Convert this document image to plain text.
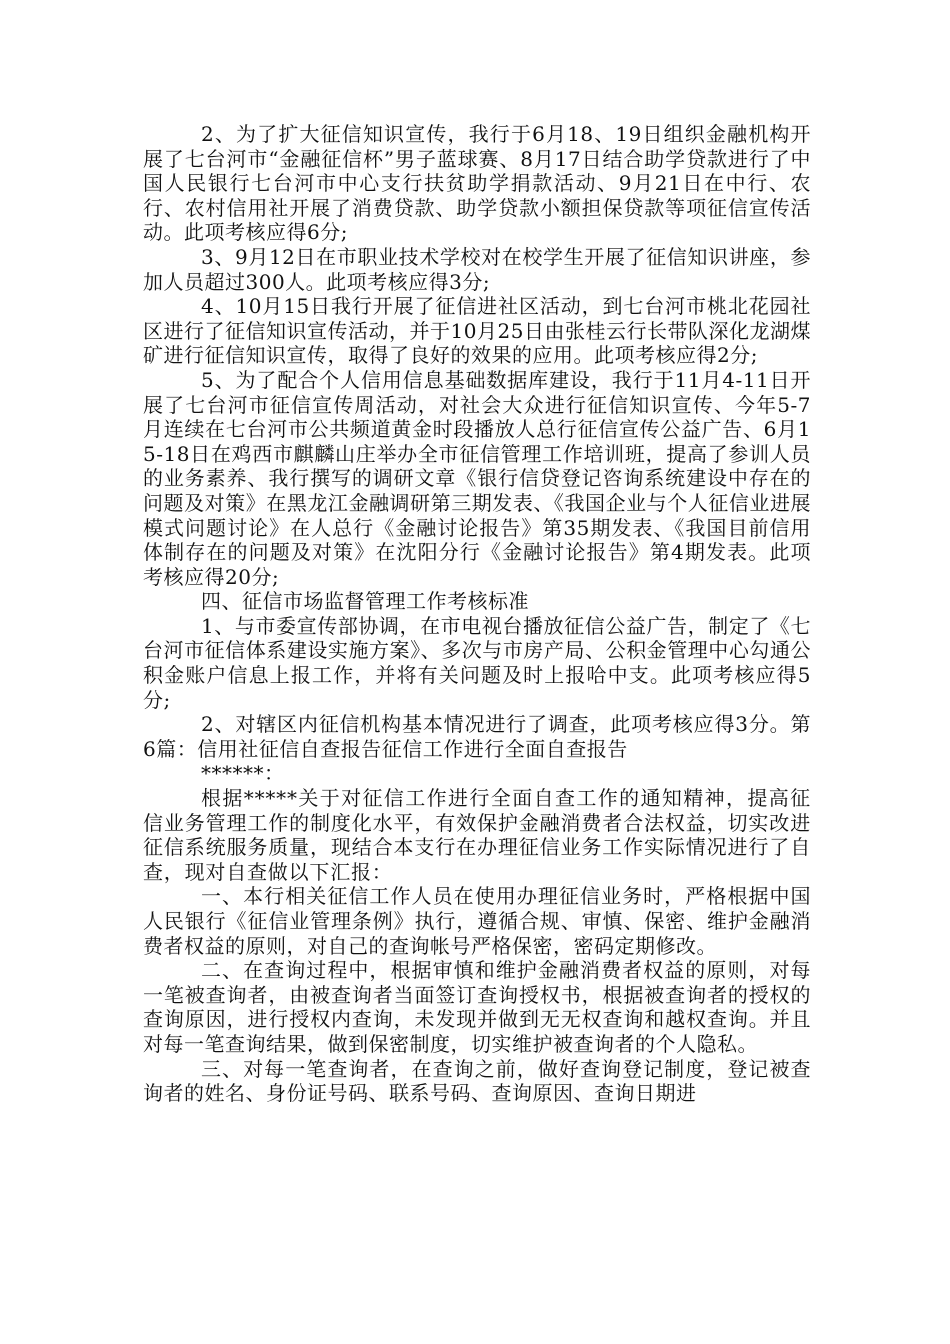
2、为了扩大征信知识宣传，我行于6月18、19日组织金融机构开展了七台河市“金融征信杯”男子蓝球赛、8月17日结合助学贷款进行了中国人民银行七台河市中心支行扶贫助学捐款活动、9月21日在中行、农行、农村信用社开展了消费贷款、助学贷款小额担保贷款等项征信宣传活动。此项考核应得6分;

3、9月12日在市职业技术学校对在校学生开展了征信知识讲座，参加人员超过300人。此项考核应得3分;

4、10月15日我行开展了征信进社区活动，到七台河市桃北花园社区进行了征信知识宣传活动，并于10月25日由张桂云行长带队深化龙湖煤矿进行征信知识宣传，取得了良好的效果的应用。此项考核应得2分;

5、为了配合个人信用信息基础数据库建设，我行于11月4-11日开展了七台河市征信宣传周活动，对社会大众进行征信知识宣传、今年5-7月连续在七台河市公共频道黄金时段播放人总行征信宣传公益广告、6月15-18日在鸡西市麒麟山庄举办全市征信管理工作培训班，提高了参训人员的业务素养、我行撰写的调研文章《银行信贷登记咨询系统建设中存在的问题及对策》在黑龙江金融调研第三期发表、《我国企业与个人征信业进展模式问题讨论》在人总行《金融讨论报告》第35期发表、《我国目前信用体制存在的问题及对策》在沈阳分行《金融讨论报告》第4期发表。此项考核应得20分;

四、征信市场监督管理工作考核标准

1、与市委宣传部协调，在市电视台播放征信公益广告，制定了《七台河市征信体系建设实施方案》、多次与市房产局、公积金管理中心勾通公积金账户信息上报工作，并将有关问题及时上报哈中支。此项考核应得5分;

2、对辖区内征信机构基本情况进行了调查，此项考核应得3分。第6篇：信用社征信自查报告征信工作进行全面自查报告

******：

根据*****关于对征信工作进行全面自查工作的通知精神，提高征信业务管理工作的制度化水平，有效保护金融消费者合法权益，切实改进征信系统服务质量，现结合本支行在办理征信业务工作实际情况进行了自查，现对自查做以下汇报：

一、本行相关征信工作人员在使用办理征信业务时，严格根据中国人民银行《征信业管理条例》执行，遵循合规、审慎、保密、维护金融消费者权益的原则，对自己的查询帐号严格保密，密码定期修改。

二、在查询过程中，根据审慎和维护金融消费者权益的原则，对每一笔被查询者，由被查询者当面签订查询授权书，根据被查询者的授权的查询原因，进行授权内查询，未发现并做到无无权查询和越权查询。并且对每一笔查询结果，做到保密制度，切实维护被查询者的个人隐私。

三、对每一笔查询者，在查询之前，做好查询登记制度，登记被查询者的姓名、身份证号码、联系号码、查询原因、查询日期进
